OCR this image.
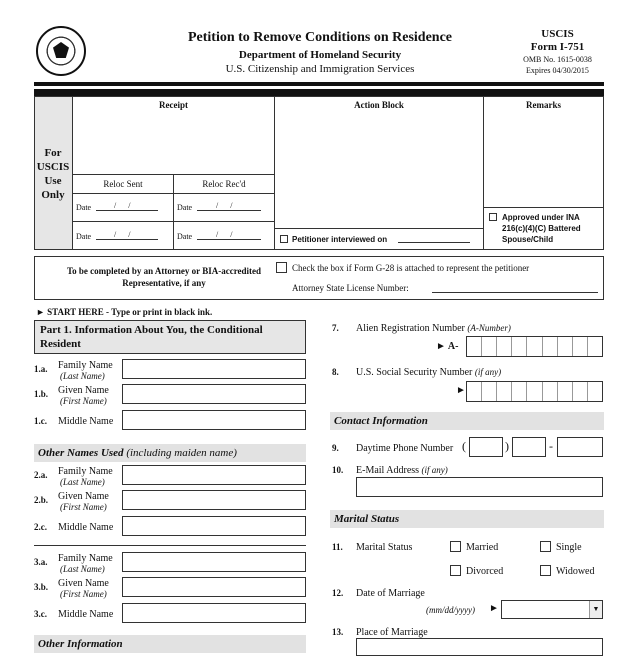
Petition to Remove Conditions on Residence
Department of Homeland Security
U.S. Citizenship and Immigration Services
USCIS
Form I-751
OMB No. 1615-0038
Expires 04/30/2015
For USCIS Use Only
Receipt
Reloc Sent	Reloc Rec'd
Date	/      /	Date	/      /
Date	/      /	Date	/      /
Action Block
Petitioner interviewed on
Remarks
Approved under INA 216(c)(4)(C) Battered Spouse/Child
To be completed by an Attorney or BIA-accredited Representative, if any
Check the box if Form G-28 is attached to represent the petitioner
Attorney State License Number:
► START HERE - Type or print in black ink.
Part 1. Information About You, the Conditional Resident
1.a. Family Name
(Last Name)
1.b. Given Name
(First Name)
1.c. Middle Name
Other Names Used (including maiden name)
2.a. Family Name
(Last Name)
2.b. Given Name
(First Name)
2.c. Middle Name
3.a. Family Name
(Last Name)
3.b. Given Name
(First Name)
3.c. Middle Name
Other Information
7. Alien Registration Number (A-Number)
► A-
8. U.S. Social Security Number (if any)
►
Contact Information
9. Daytime Phone Number (	)	-
10. E-Mail Address (if any)
Marital Status
11. Marital Status	Married	Single
Divorced	Widowed
12. Date of Marriage
(mm/dd/yyyy) ►	▼
13. Place of Marriage
